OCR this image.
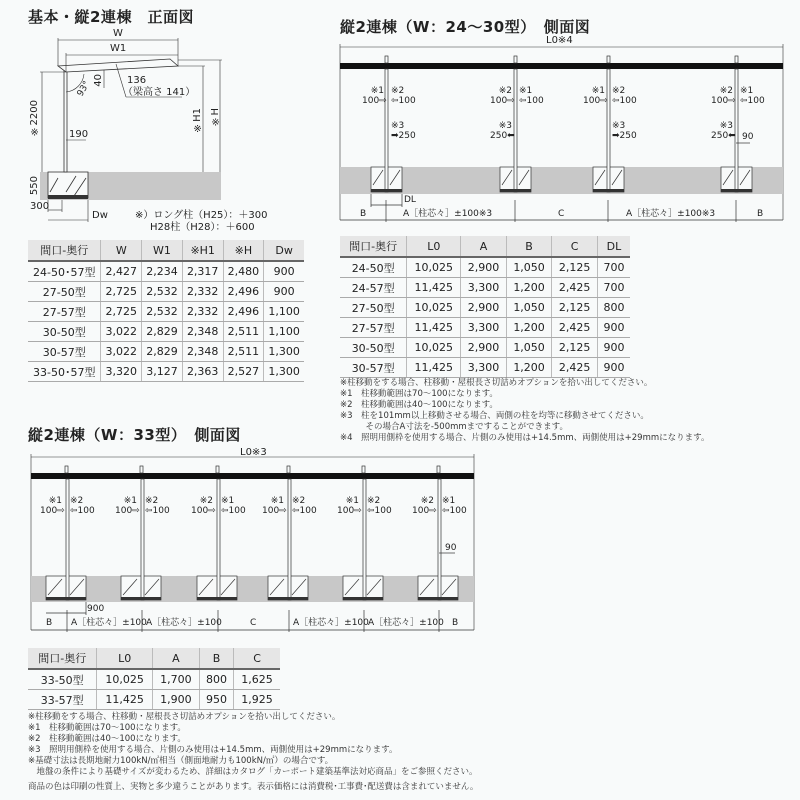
基本・縦2連棟　正面図
W
W1
136
（梁高さ 141）
93° 40
※2200	190
※H1 ※H
550
300
Dw	※）ロング柱（H25）：＋300
H28柱（H28）：＋600
間口-奥行	W	W1	※H1	※H	Dw
24-50･57型	2,427	2,234	2,317	2,480	900
27-50型	2,725	2,532	2,332	2,496	900
27-57型	2,725	2,532	2,332	2,496	1,100
30-50型	3,022	2,829	2,348	2,511	1,100
30-57型	3,022	2,829	2,348	2,511	1,300
33-50･57型	3,320	3,127	2,363	2,527	1,300
縦2連棟（W：24〜30型）　側面図
L0※4
※1
100⇨
※2
⇦100
※3
➡250
※2
100⇨
※1
⇦100
※3
250⬅
※1
100⇨
※2
⇦100
※3
➡250
※2
100⇨
※1
⇦100
※3
250⬅ 90
DL
B	A［柱芯々］±100※3	C	A［柱芯々］±100※3	B
間口-奥行	L0	A	B	C	DL
24-50型	10,025	2,900	1,050	2,125	700
24-57型	11,425	3,300	1,200	2,425	700
27-50型	10,025	2,900	1,050	2,125	800
27-57型	11,425	3,300	1,200	2,425	900
30-50型	10,025	2,900	1,050	2,125	900
30-57型	11,425	3,300	1,200	2,425	900
※柱移動をする場合、柱移動・屋根長さ切詰めオプションを拾い出してください。
※1　柱移動範囲は70〜100になります。
※2　柱移動範囲は40〜100になります。
※3　柱を101mm以上移動させる場合、両側の柱を均等に移動させてください。
　　　その場合A寸法を-500mmまですることができます。
※4　照明用側枠を使用する場合、片側のみ使用は+14.5mm、両側使用は+29mmになります。
縦2連棟（W：33型）　側面図
L0※3
※1
100⇨
※2
⇦100
※1
100⇨
※2
⇦100
※2
100⇨
※1
⇦100
※1
100⇨
※2
⇦100
※1
100⇨
※2
⇦100
※2
100⇨
※1
⇦100
90
900
B A［柱芯々］±100 A［柱芯々］±100	C	A［柱芯々］±100 A［柱芯々］±100 B
間口-奥行	L0	A	B	C
33-50型	10,025	1,700	800	1,625
33-57型	11,425	1,900	950	1,925
※柱移動をする場合、柱移動・屋根長さ切詰めオプションを拾い出してください。
※1　柱移動範囲は70〜100になります。
※2　柱移動範囲は40〜100になります。
※3　照明用側枠を使用する場合、片側のみ使用は+14.5mm、両側使用は+29mmになります。
※基礎寸法は長期地耐力100kN/㎡相当（側面地耐力も100kN/㎡）の場合です。
　地盤の条件により基礎サイズが変わるため、詳細はカタログ「カーポート建築基準法対応商品」をご参照ください。
商品の色は印刷の性質上、実物と多少違うことがあります。表示価格には消費税･工事費･配送費は含まれていません。
